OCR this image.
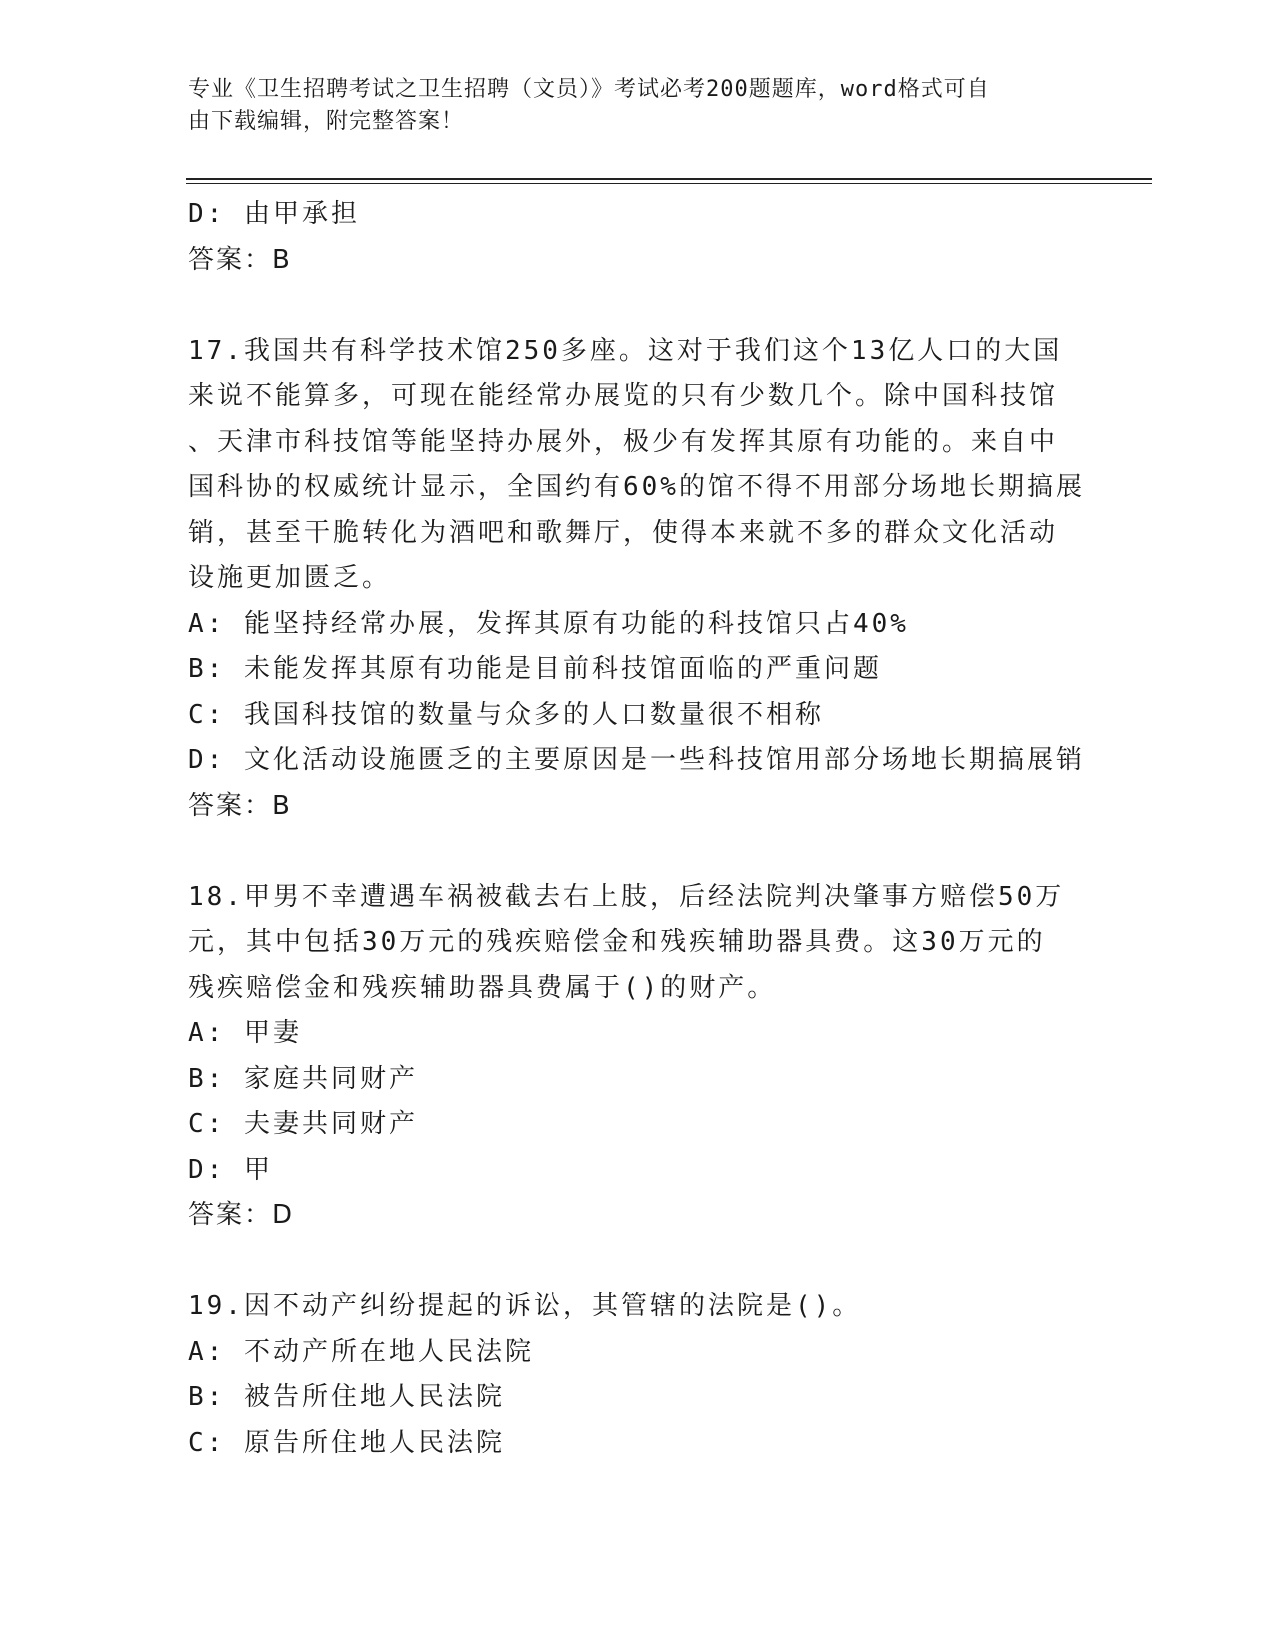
专业《卫生招聘考试之卫生招聘（文员）》考试必考200题题库，word格式可自
由下载编辑，附完整答案！
D: 由甲承担
答案：B
17.我国共有科学技术馆250多座。这对于我们这个13亿人口的大国
来说不能算多，可现在能经常办展览的只有少数几个。除中国科技馆
、天津市科技馆等能坚持办展外，极少有发挥其原有功能的。来自中
国科协的权威统计显示，全国约有60%的馆不得不用部分场地长期搞展
销，甚至干脆转化为酒吧和歌舞厅，使得本来就不多的群众文化活动
设施更加匮乏。
A: 能坚持经常办展，发挥其原有功能的科技馆只占40%
B: 未能发挥其原有功能是目前科技馆面临的严重问题
C: 我国科技馆的数量与众多的人口数量很不相称
D: 文化活动设施匮乏的主要原因是一些科技馆用部分场地长期搞展销
答案：B
18.甲男不幸遭遇车祸被截去右上肢，后经法院判决肇事方赔偿50万
元，其中包括30万元的残疾赔偿金和残疾辅助器具费。这30万元的
残疾赔偿金和残疾辅助器具费属于()的财产。
A: 甲妻
B: 家庭共同财产
C: 夫妻共同财产
D: 甲
答案：D
19.因不动产纠纷提起的诉讼，其管辖的法院是()。
A: 不动产所在地人民法院
B: 被告所住地人民法院
C: 原告所住地人民法院
